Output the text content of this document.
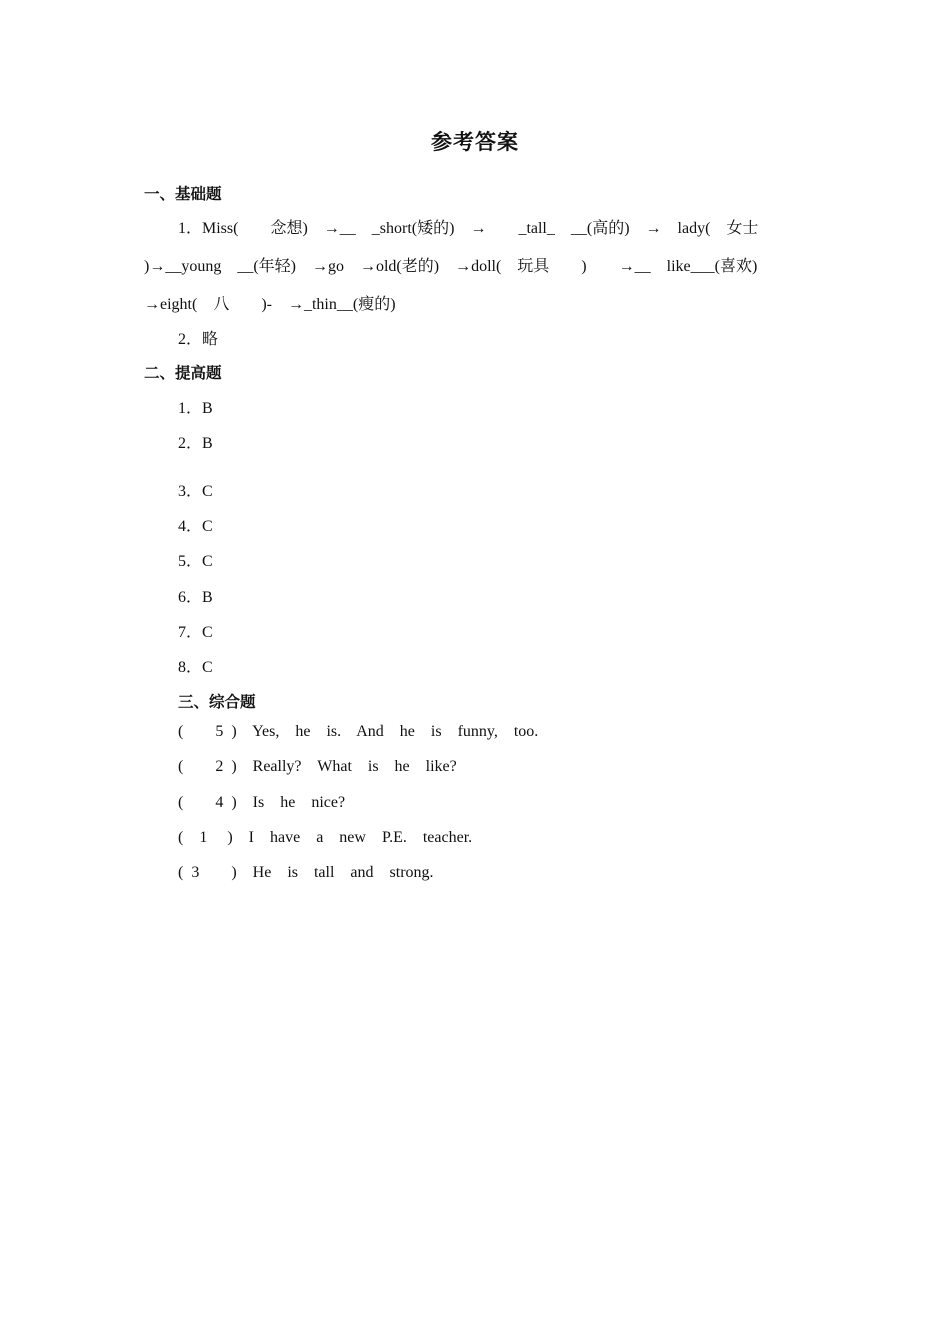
参考答案
一、基础题
1．Miss(        念想)    →__    _short(矮的)    →        _tall_    __(高的)    →    lady(    女士
)→__young    __(年轻)    →go    →old(老的)    →doll(    玩具        )        →__    like___(喜欢)
→eight(    八        )-    →_thin__(瘦的)
2．略
二、提高题
1．B
2．B
3．C
4．C
5．C
6．B
7．C
8．C
三、综合题
(        5  )    Yes,    he    is.    And    he    is    funny,    too.
(        2  )    Really?    What    is    he    like?
(        4  )    Is    he    nice?
(    1     )    I    have    a    new    P.E.    teacher.
(  3        )    He    is    tall    and    strong.
